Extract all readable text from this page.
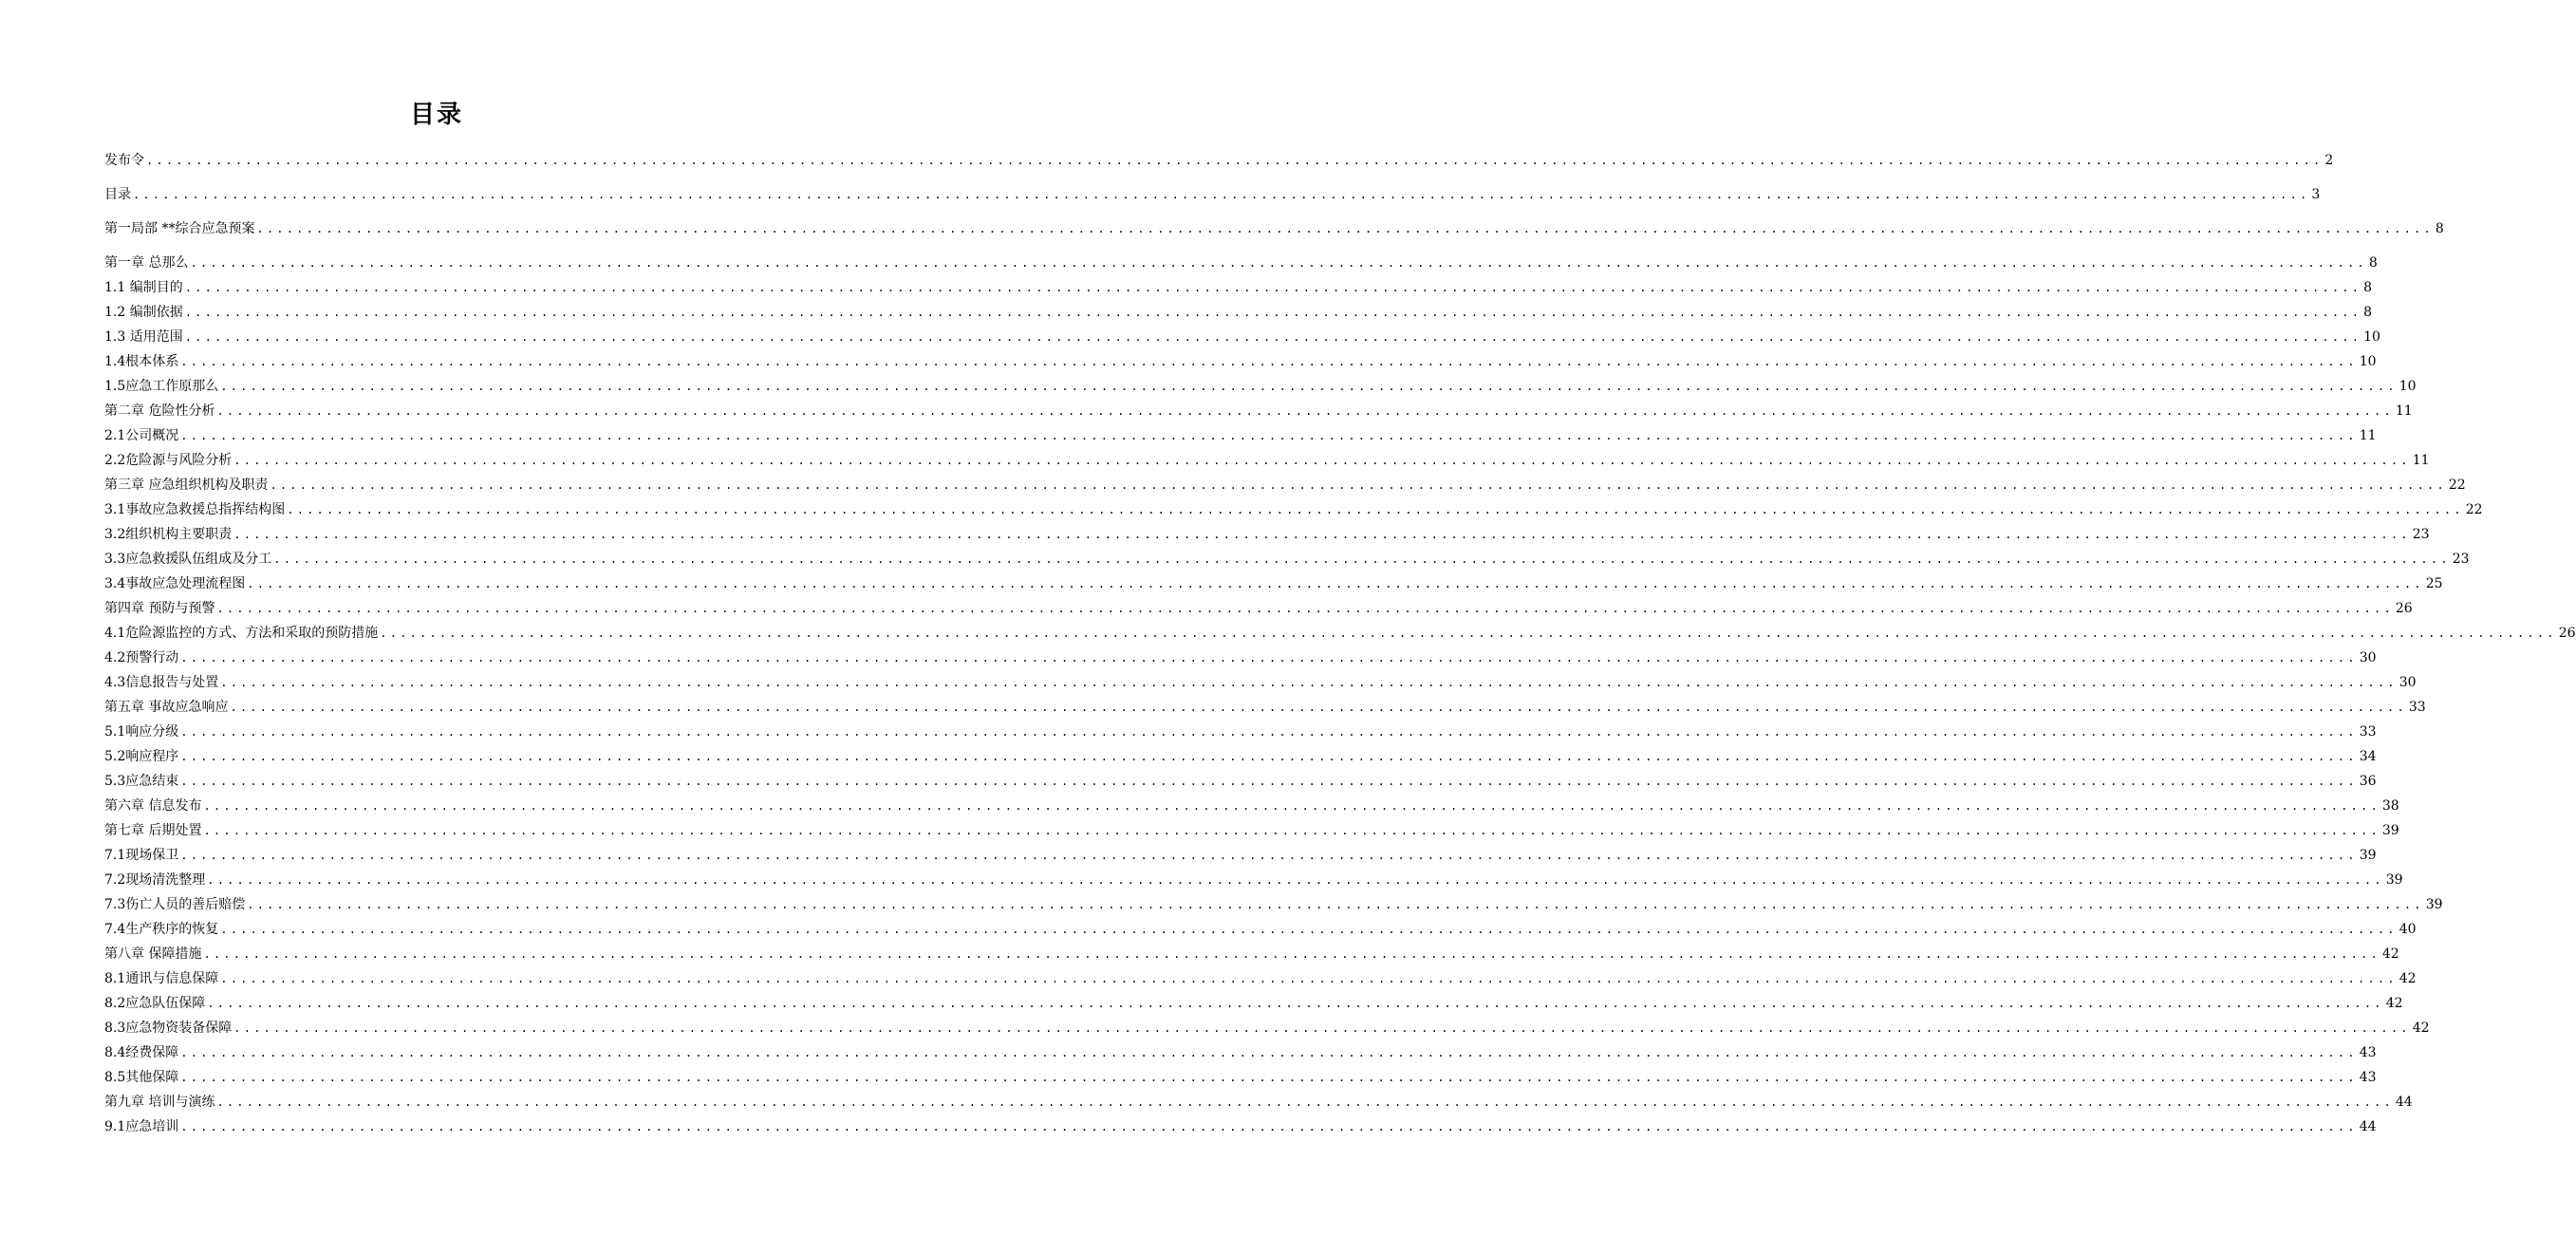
目录
发布令 ............................................................................................................................................................................................................................ 2
目录 ............................................................................................................................................................................................................................ 3
第一局部 **综合应急预案 ............................................................................................................................................................................................................................ 8
第一章 总那么 ............................................................................................................................................................................................................................ 8
1.1 编制目的 ............................................................................................................................................................................................................................ 8
1.2 编制依据 ............................................................................................................................................................................................................................ 8
1.3 适用范围 ............................................................................................................................................................................................................................ 10
1.4根本体系 ............................................................................................................................................................................................................................ 10
1.5应急工作原那么 ............................................................................................................................................................................................................................ 10
第二章 危险性分析 ............................................................................................................................................................................................................................ 11
2.1公司概况 ............................................................................................................................................................................................................................ 11
2.2危险源与风险分析 ............................................................................................................................................................................................................................ 11
第三章 应急组织机构及职责 ............................................................................................................................................................................................................................ 22
3.1事故应急救援总指挥结构图 ............................................................................................................................................................................................................................ 22
3.2组织机构主要职责 ............................................................................................................................................................................................................................ 23
3.3应急救援队伍组成及分工 ............................................................................................................................................................................................................................ 23
3.4事故应急处理流程图 ............................................................................................................................................................................................................................ 25
第四章 预防与预警 ............................................................................................................................................................................................................................ 26
4.1危险源监控的方式、方法和采取的预防措施 ............................................................................................................................................................................................................................ 26
4.2预警行动 ............................................................................................................................................................................................................................ 30
4.3信息报告与处置 ............................................................................................................................................................................................................................ 30
第五章 事故应急响应 ............................................................................................................................................................................................................................ 33
5.1响应分级 ............................................................................................................................................................................................................................ 33
5.2响应程序 ............................................................................................................................................................................................................................ 34
5.3应急结束 ............................................................................................................................................................................................................................ 36
第六章 信息发布 ............................................................................................................................................................................................................................ 38
第七章 后期处置 ............................................................................................................................................................................................................................ 39
7.1现场保卫 ............................................................................................................................................................................................................................ 39
7.2现场清洗整理 ............................................................................................................................................................................................................................ 39
7.3伤亡人员的善后赔偿 ............................................................................................................................................................................................................................ 39
7.4生产秩序的恢复 ............................................................................................................................................................................................................................ 40
第八章 保障措施 ............................................................................................................................................................................................................................ 42
8.1通讯与信息保障 ............................................................................................................................................................................................................................ 42
8.2应急队伍保障 ............................................................................................................................................................................................................................ 42
8.3应急物资装备保障 ............................................................................................................................................................................................................................ 42
8.4经费保障 ............................................................................................................................................................................................................................ 43
8.5其他保障 ............................................................................................................................................................................................................................ 43
第九章 培训与演练 ............................................................................................................................................................................................................................ 44
9.1应急培训 ............................................................................................................................................................................................................................ 44
